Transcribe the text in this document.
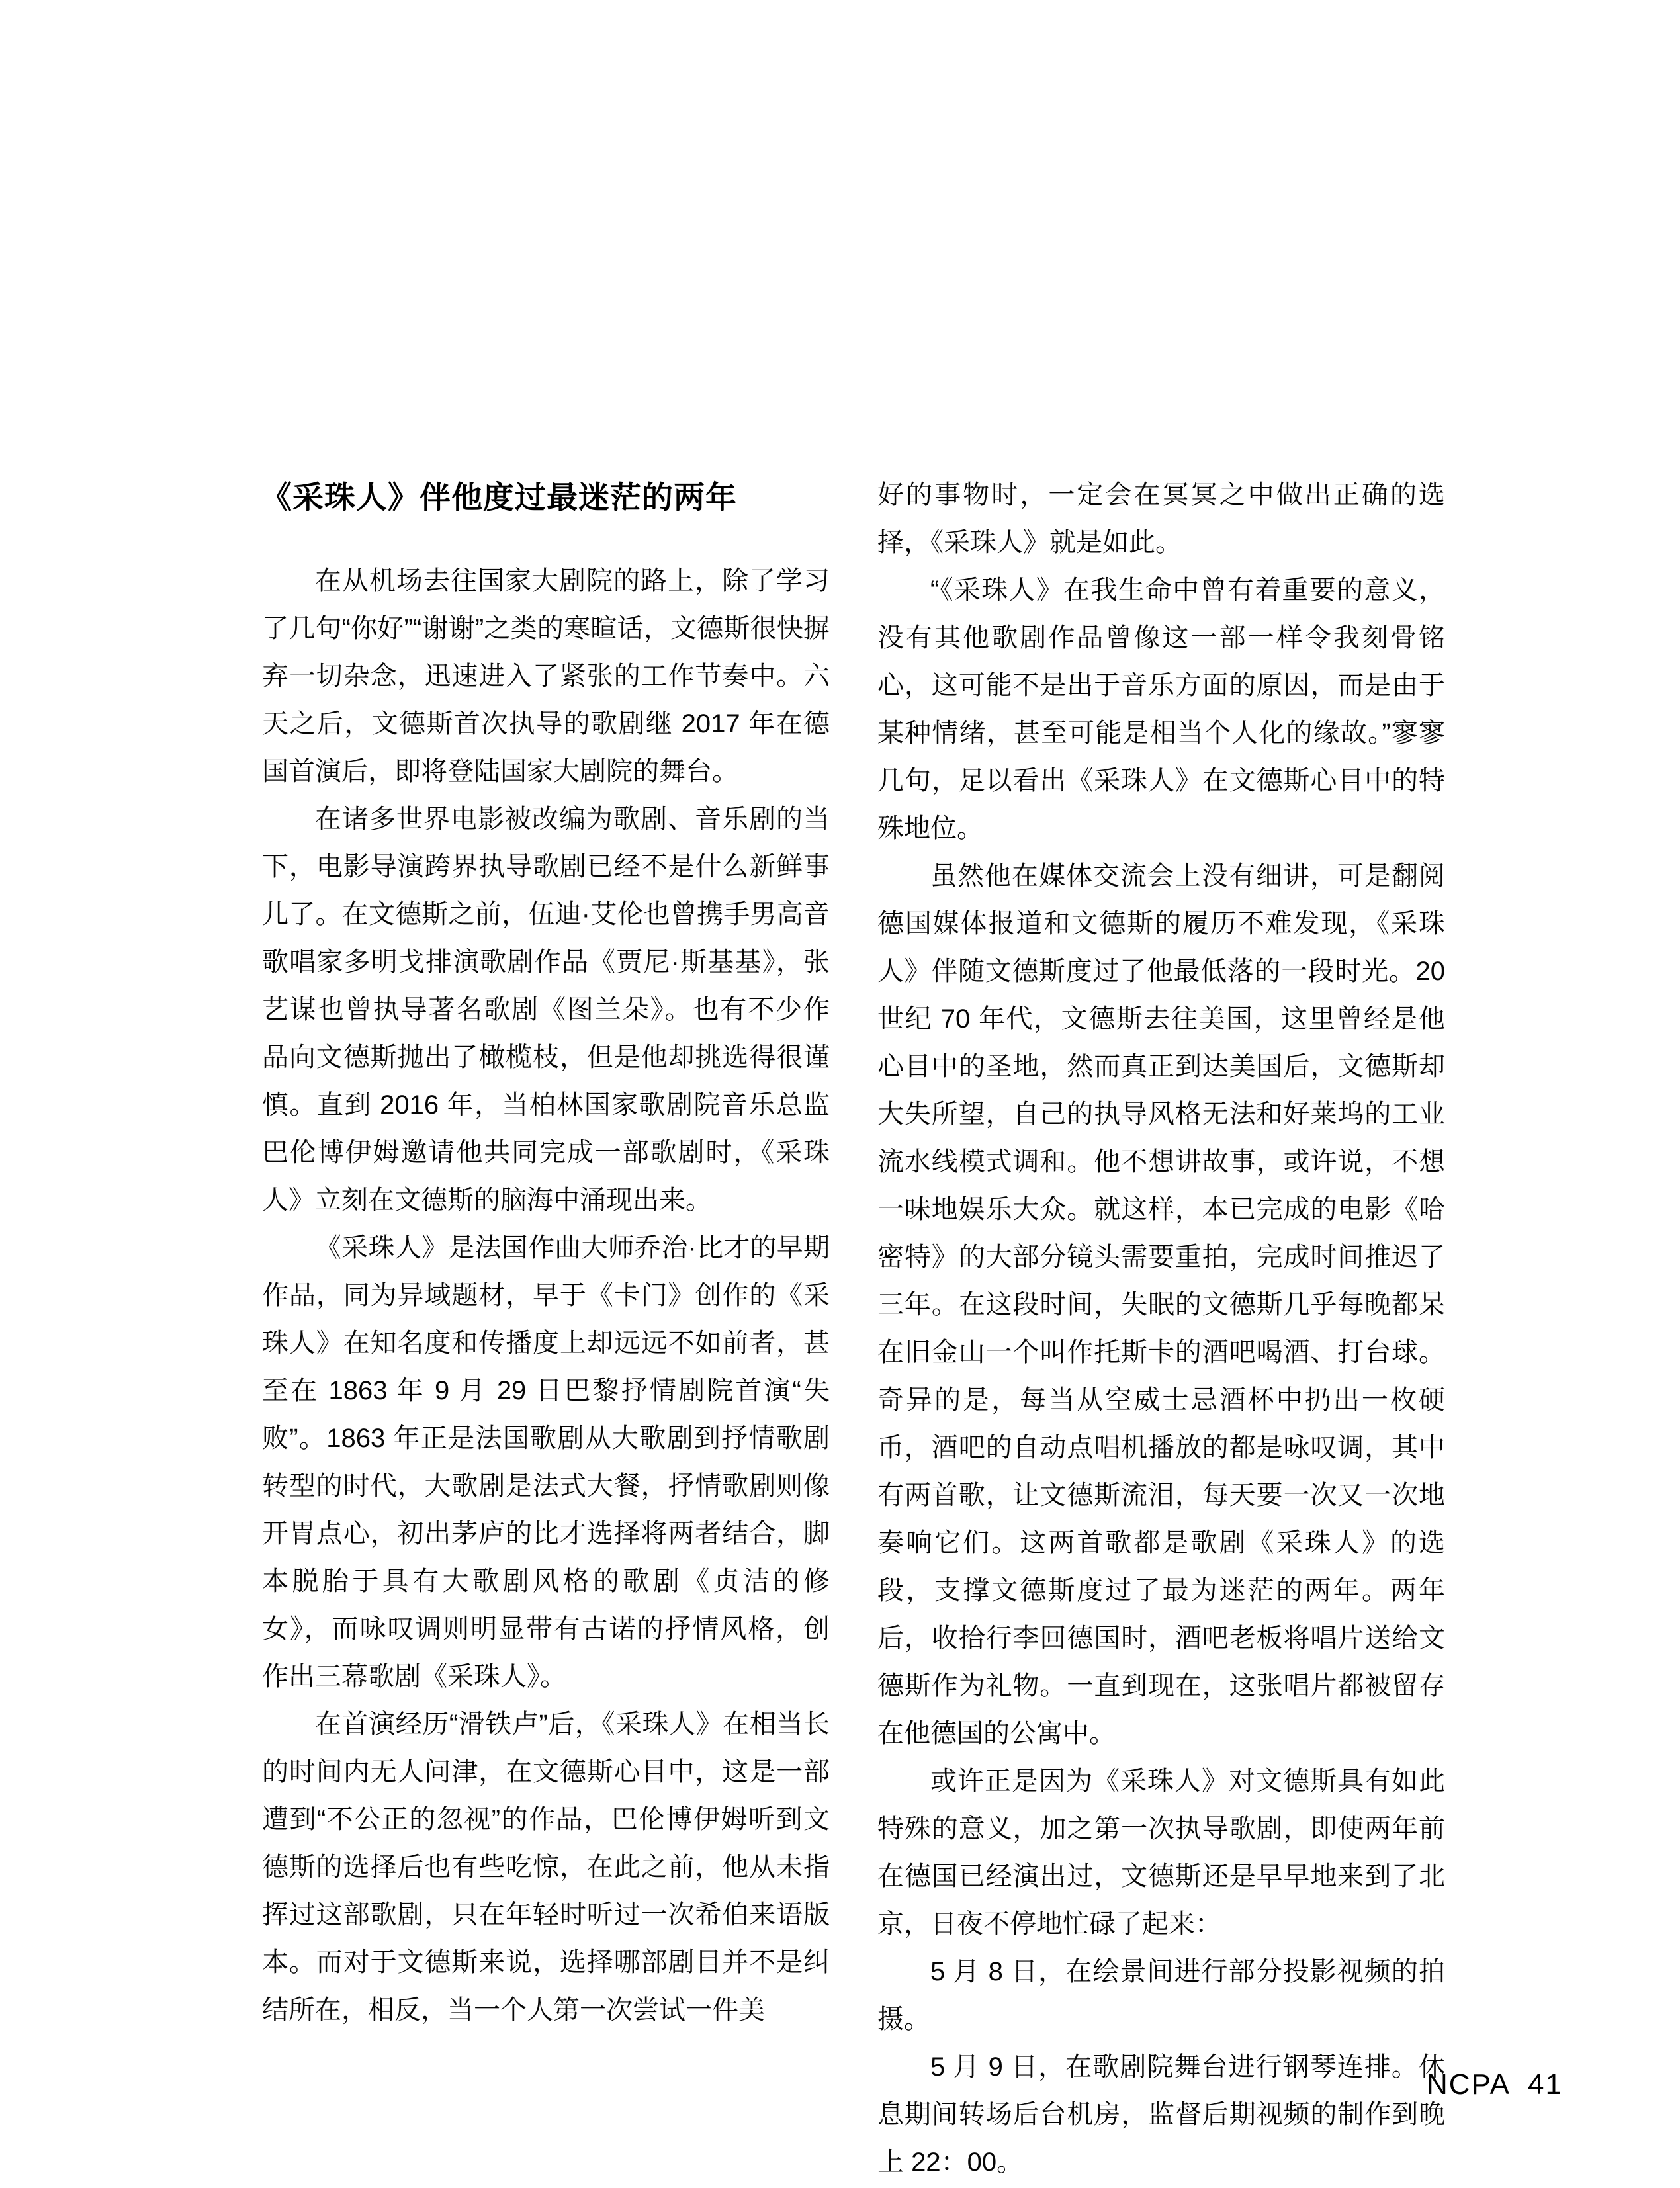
《采珠人》伴他度过最迷茫的两年

在从机场去往国家大剧院的路上，除了学习了几句“你好”“谢谢”之类的寒暄话，文德斯很快摒弃一切杂念，迅速进入了紧张的工作节奏中。六天之后，文德斯首次执导的歌剧继 2017 年在德国首演后，即将登陆国家大剧院的舞台。

在诸多世界电影被改编为歌剧、音乐剧的当下，电影导演跨界执导歌剧已经不是什么新鲜事儿了。在文德斯之前，伍迪·艾伦也曾携手男高音歌唱家多明戈排演歌剧作品《贾尼·斯基基》，张艺谋也曾执导著名歌剧《图兰朵》。也有不少作品向文德斯抛出了橄榄枝，但是他却挑选得很谨慎。直到 2016 年，当柏林国家歌剧院音乐总监巴伦博伊姆邀请他共同完成一部歌剧时，《采珠人》立刻在文德斯的脑海中涌现出来。

《采珠人》是法国作曲大师乔治·比才的早期作品，同为异域题材，早于《卡门》创作的《采珠人》在知名度和传播度上却远远不如前者，甚至在 1863 年 9 月 29 日巴黎抒情剧院首演“失败”。1863 年正是法国歌剧从大歌剧到抒情歌剧转型的时代，大歌剧是法式大餐，抒情歌剧则像开胃点心，初出茅庐的比才选择将两者结合，脚本脱胎于具有大歌剧风格的歌剧《贞洁的修女》，而咏叹调则明显带有古诺的抒情风格，创作出三幕歌剧《采珠人》。

在首演经历“滑铁卢”后，《采珠人》在相当长的时间内无人问津，在文德斯心目中，这是一部遭到“不公正的忽视”的作品，巴伦博伊姆听到文德斯的选择后也有些吃惊，在此之前，他从未指挥过这部歌剧，只在年轻时听过一次希伯来语版本。而对于文德斯来说，选择哪部剧目并不是纠结所在，相反，当一个人第一次尝试一件美

好的事物时，一定会在冥冥之中做出正确的选择，《采珠人》就是如此。

“《采珠人》在我生命中曾有着重要的意义，没有其他歌剧作品曾像这一部一样令我刻骨铭心，这可能不是出于音乐方面的原因，而是由于某种情绪，甚至可能是相当个人化的缘故。”寥寥几句，足以看出《采珠人》在文德斯心目中的特殊地位。

虽然他在媒体交流会上没有细讲，可是翻阅德国媒体报道和文德斯的履历不难发现，《采珠人》伴随文德斯度过了他最低落的一段时光。20 世纪 70 年代，文德斯去往美国，这里曾经是他心目中的圣地，然而真正到达美国后，文德斯却大失所望，自己的执导风格无法和好莱坞的工业流水线模式调和。他不想讲故事，或许说，不想一味地娱乐大众。就这样，本已完成的电影《哈密特》的大部分镜头需要重拍，完成时间推迟了三年。在这段时间，失眠的文德斯几乎每晚都呆在旧金山一个叫作托斯卡的酒吧喝酒、打台球。奇异的是，每当从空威士忌酒杯中扔出一枚硬币，酒吧的自动点唱机播放的都是咏叹调，其中有两首歌，让文德斯流泪，每天要一次又一次地奏响它们。这两首歌都是歌剧《采珠人》的选段，支撑文德斯度过了最为迷茫的两年。两年后，收拾行李回德国时，酒吧老板将唱片送给文德斯作为礼物。一直到现在，这张唱片都被留存在他德国的公寓中。

或许正是因为《采珠人》对文德斯具有如此特殊的意义，加之第一次执导歌剧，即使两年前在德国已经演出过，文德斯还是早早地来到了北京，日夜不停地忙碌了起来：

5 月 8 日，在绘景间进行部分投影视频的拍摄。

5 月 9 日，在歌剧院舞台进行钢琴连排。休息期间转场后台机房，监督后期视频的制作到晚上 22：00。

NCPA 41
